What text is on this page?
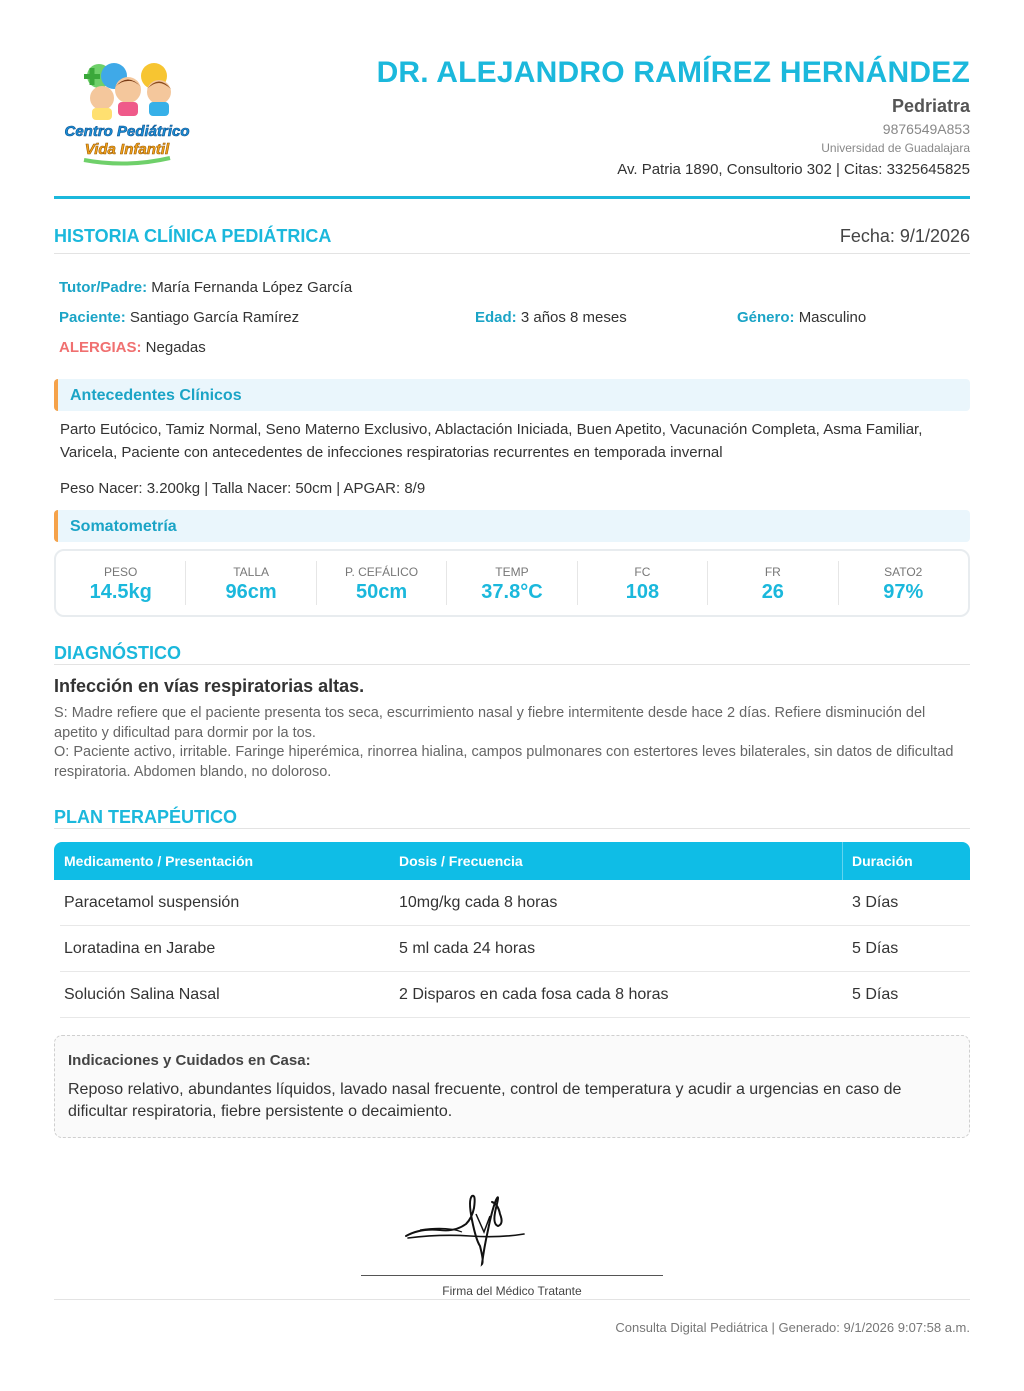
Centro Pediátrico
Vida Infantil
DR. ALEJANDRO RAMÍREZ HERNÁNDEZ
Pedriatra
9876549A853
Universidad de Guadalajara
Av. Patria 1890, Consultorio 302 | Citas: 3325645825
HISTORIA CLÍNICA PEDIÁTRICA	Fecha: 9/1/2026
Tutor/Padre: María Fernanda López García
Paciente: Santiago García Ramírez	Edad: 3 años 8 meses	Género: Masculino
ALERGIAS: Negadas
Antecedentes Clínicos
Parto Eutócico, Tamiz Normal, Seno Materno Exclusivo, Ablactación Iniciada, Buen Apetito, Vacunación Completa, Asma Familiar, Varicela, Paciente con antecedentes de infecciones respiratorias recurrentes en temporada invernal
Peso Nacer: 3.200kg | Talla Nacer: 50cm | APGAR: 8/9
Somatometría
PESO
14.5kg
TALLA
96cm
P. CEFÁLICO
50cm
TEMP
37.8°C
FC
108
FR
26
SATO2
97%
DIAGNÓSTICO
Infección en vías respiratorias altas.
S: Madre refiere que el paciente presenta tos seca, escurrimiento nasal y fiebre intermitente desde hace 2 días. Refiere disminución del apetito y dificultad para dormir por la tos.
O: Paciente activo, irritable. Faringe hiperémica, rinorrea hialina, campos pulmonares con estertores leves bilaterales, sin datos de dificultad respiratoria. Abdomen blando, no doloroso.
PLAN TERAPÉUTICO
Medicamento / Presentación	Dosis / Frecuencia	Duración
Paracetamol suspensión	10mg/kg cada 8 horas	3 Días
Loratadina en Jarabe	5 ml cada 24 horas	5 Días
Solución Salina Nasal	2 Disparos en cada fosa cada 8 horas	5 Días
Indicaciones y Cuidados en Casa:
Reposo relativo, abundantes líquidos, lavado nasal frecuente, control de temperatura y acudir a urgencias en caso de dificultar respiratoria, fiebre persistente o decaimiento.
Firma del Médico Tratante
Consulta Digital Pediátrica | Generado: 9/1/2026 9:07:58 a.m.
